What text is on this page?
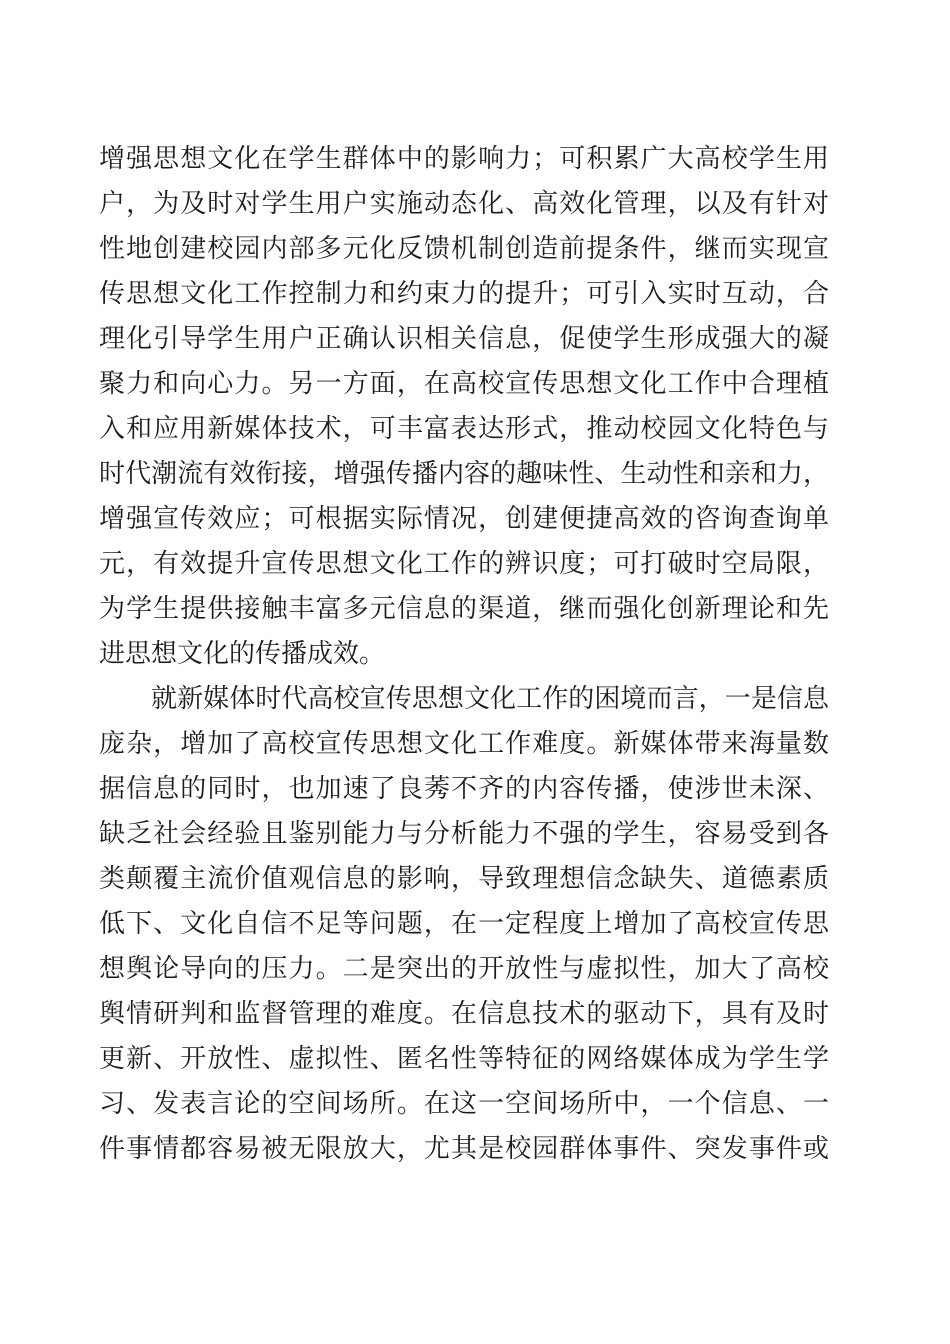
增强思想文化在学生群体中的影响力；可积累广大高校学生用
户，为及时对学生用户实施动态化、高效化管理，以及有针对
性地创建校园内部多元化反馈机制创造前提条件，继而实现宣
传思想文化工作控制力和约束力的提升；可引入实时互动，合
理化引导学生用户正确认识相关信息，促使学生形成强大的凝
聚力和向心力。另一方面，在高校宣传思想文化工作中合理植
入和应用新媒体技术，可丰富表达形式，推动校园文化特色与
时代潮流有效衔接，增强传播内容的趣味性、生动性和亲和力，
增强宣传效应；可根据实际情况，创建便捷高效的咨询查询单
元，有效提升宣传思想文化工作的辨识度；可打破时空局限，
为学生提供接触丰富多元信息的渠道，继而强化创新理论和先
进思想文化的传播成效。
就新媒体时代高校宣传思想文化工作的困境而言，一是信息
庞杂，增加了高校宣传思想文化工作难度。新媒体带来海量数
据信息的同时，也加速了良莠不齐的内容传播，使涉世未深、
缺乏社会经验且鉴别能力与分析能力不强的学生，容易受到各
类颠覆主流价值观信息的影响，导致理想信念缺失、道德素质
低下、文化自信不足等问题，在一定程度上增加了高校宣传思
想舆论导向的压力。二是突出的开放性与虚拟性，加大了高校
舆情研判和监督管理的难度。在信息技术的驱动下，具有及时
更新、开放性、虚拟性、匿名性等特征的网络媒体成为学生学
习、发表言论的空间场所。在这一空间场所中，一个信息、一
件事情都容易被无限放大，尤其是校园群体事件、突发事件或
